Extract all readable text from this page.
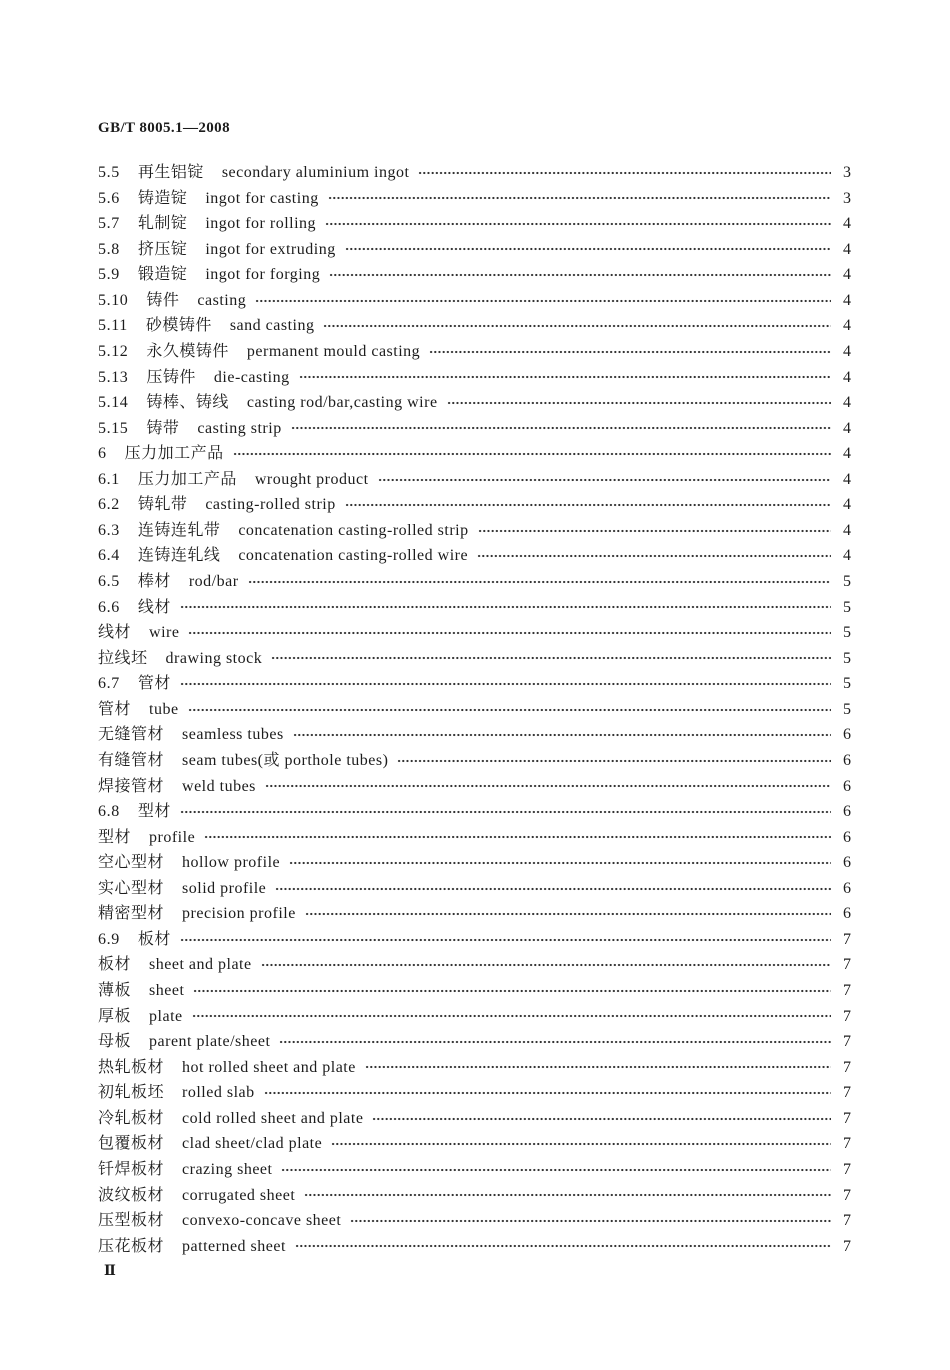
GB/T 8005.1—2008
5.5 再生铝锭 secondary aluminium ingot	3
5.6 铸造锭 ingot for casting	3
5.7 轧制锭 ingot for rolling	4
5.8 挤压锭 ingot for extruding	4
5.9 锻造锭 ingot for forging	4
5.10 铸件 casting	4
5.11 砂模铸件 sand casting	4
5.12 永久模铸件 permanent mould casting	4
5.13 压铸件 die-casting	4
5.14 铸棒、铸线 casting rod/bar,casting wire	4
5.15 铸带 casting strip	4
6 压力加工产品	4
6.1 压力加工产品 wrought product	4
6.2 铸轧带 casting-rolled strip	4
6.3 连铸连轧带 concatenation casting-rolled strip	4
6.4 连铸连轧线 concatenation casting-rolled wire	4
6.5 棒材 rod/bar	5
6.6 线材	5
线材 wire	5
拉线坯 drawing stock	5
6.7 管材	5
管材 tube	5
无缝管材 seamless tubes	6
有缝管材 seam tubes(或 porthole tubes)	6
焊接管材 weld tubes	6
6.8 型材	6
型材 profile	6
空心型材 hollow profile	6
实心型材 solid profile	6
精密型材 precision profile	6
6.9 板材	7
板材 sheet and plate	7
薄板 sheet	7
厚板 plate	7
母板 parent plate/sheet	7
热轧板材 hot rolled sheet and plate	7
初轧板坯 rolled slab	7
冷轧板材 cold rolled sheet and plate	7
包覆板材 clad sheet/clad plate	7
钎焊板材 crazing sheet	7
波纹板材 corrugated sheet	7
压型板材 convexo-concave sheet	7
压花板材 patterned sheet	7
Ⅱ
